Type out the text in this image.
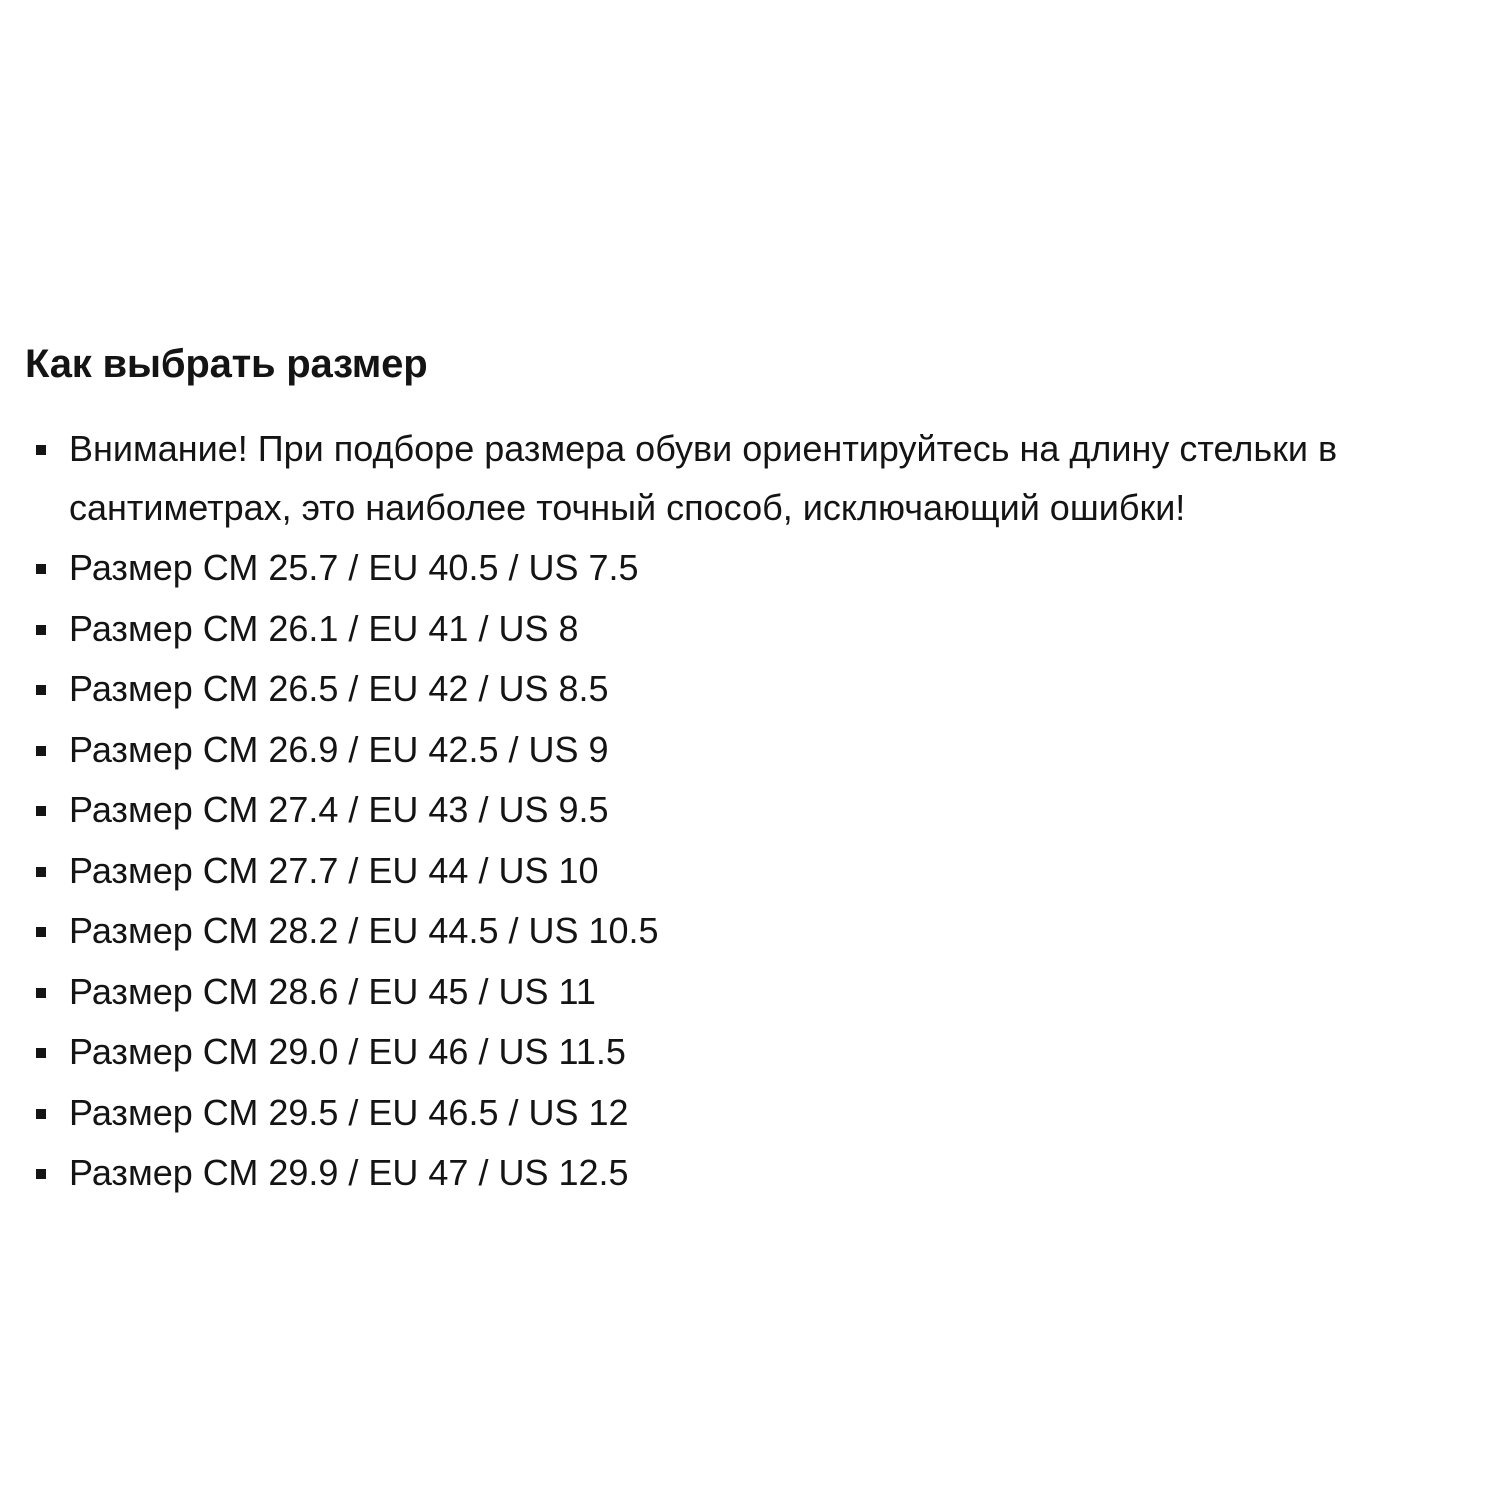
Как выбрать размер
Внимание! При подборе размера обуви ориентируйтесь на длину стельки в сантиметрах, это наиболее точный способ, исключающий ошибки!
Размер СМ 25.7 / EU 40.5 / US 7.5
Размер СМ 26.1 / EU 41 / US 8
Размер СМ 26.5 / EU 42 / US 8.5
Размер СМ 26.9 / EU 42.5 / US 9
Размер СМ 27.4 / EU 43 / US 9.5
Размер СМ 27.7 / EU 44 / US 10
Размер СМ 28.2 / EU 44.5 / US 10.5
Размер СМ 28.6 / EU 45 / US 11
Размер СМ 29.0 / EU 46 / US 11.5
Размер СМ 29.5 / EU 46.5 / US 12
Размер СМ 29.9 / EU 47 / US 12.5
